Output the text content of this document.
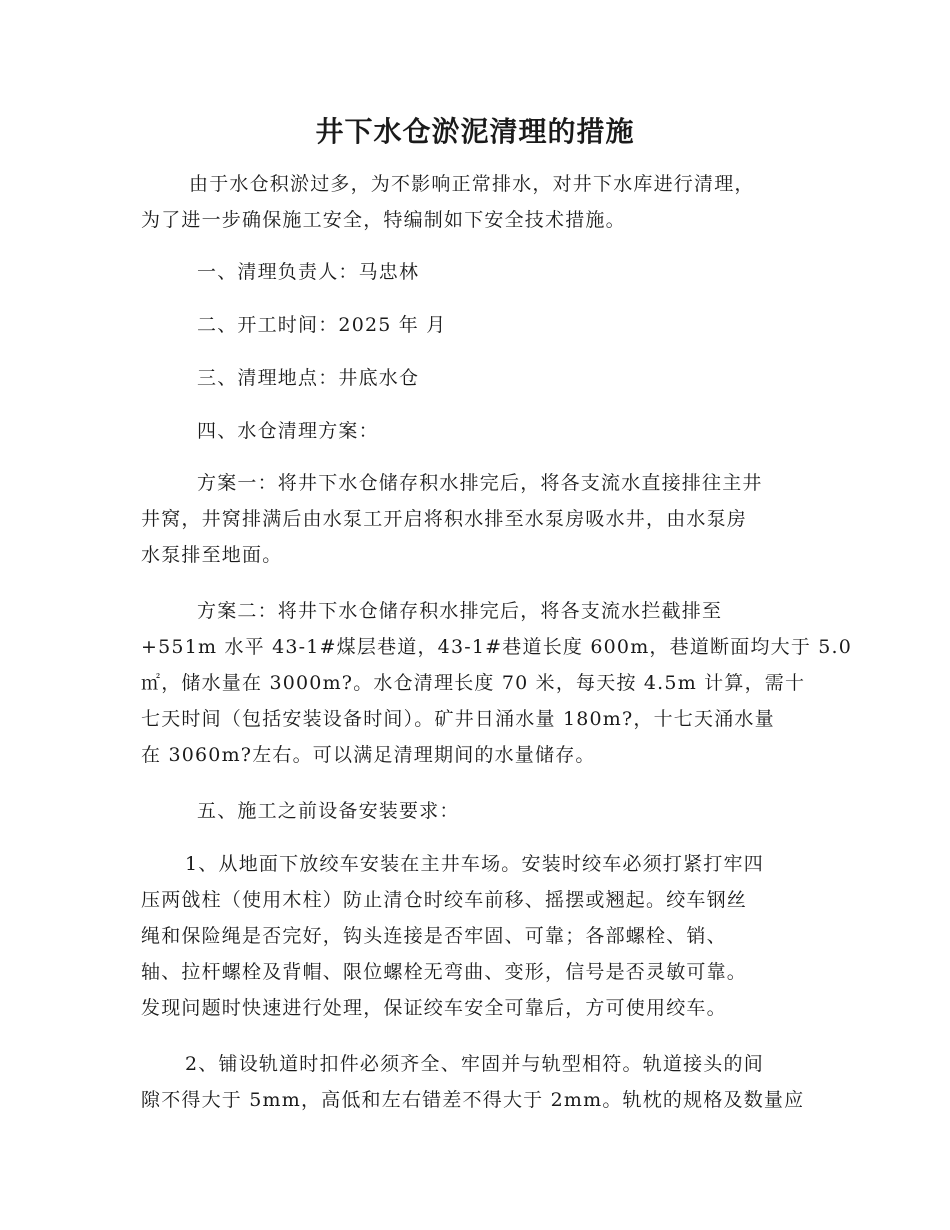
井下水仓淤泥清理的措施

由于水仓积淤过多，为不影响正常排水，对井下水库进行清理，
为了进一步确保施工安全，特编制如下安全技术措施。

一、清理负责人：马忠林

二、开工时间：2025 年 月

三、清理地点：井底水仓

四、水仓清理方案：

方案一：将井下水仓储存积水排完后，将各支流水直接排往主井
井窝，井窝排满后由水泵工开启将积水排至水泵房吸水井，由水泵房
水泵排至地面。

方案二：将井下水仓储存积水排完后，将各支流水拦截排至
+551m 水平 43-1#煤层巷道，43-1#巷道长度 600m，巷道断面均大于 5.0
㎡，储水量在 3000m?。水仓清理长度 70 米，每天按 4.5m 计算，需十
七天时间（包括安装设备时间）。矿井日涌水量 180m?，十七天涌水量
在 3060m?左右。可以满足清理期间的水量储存。

五、施工之前设备安装要求：

1、从地面下放绞车安装在主井车场。安装时绞车必须打紧打牢四
压两戗柱（使用木柱）防止清仓时绞车前移、摇摆或翘起。绞车钢丝
绳和保险绳是否完好，钩头连接是否牢固、可靠；各部螺栓、销、
轴、拉杆螺栓及背帽、限位螺栓无弯曲、变形，信号是否灵敏可靠。
发现问题时快速进行处理，保证绞车安全可靠后，方可使用绞车。

2、铺设轨道时扣件必须齐全、牢固并与轨型相符。轨道接头的间
隙不得大于 5mm，高低和左右错差不得大于 2mm。轨枕的规格及数量应
